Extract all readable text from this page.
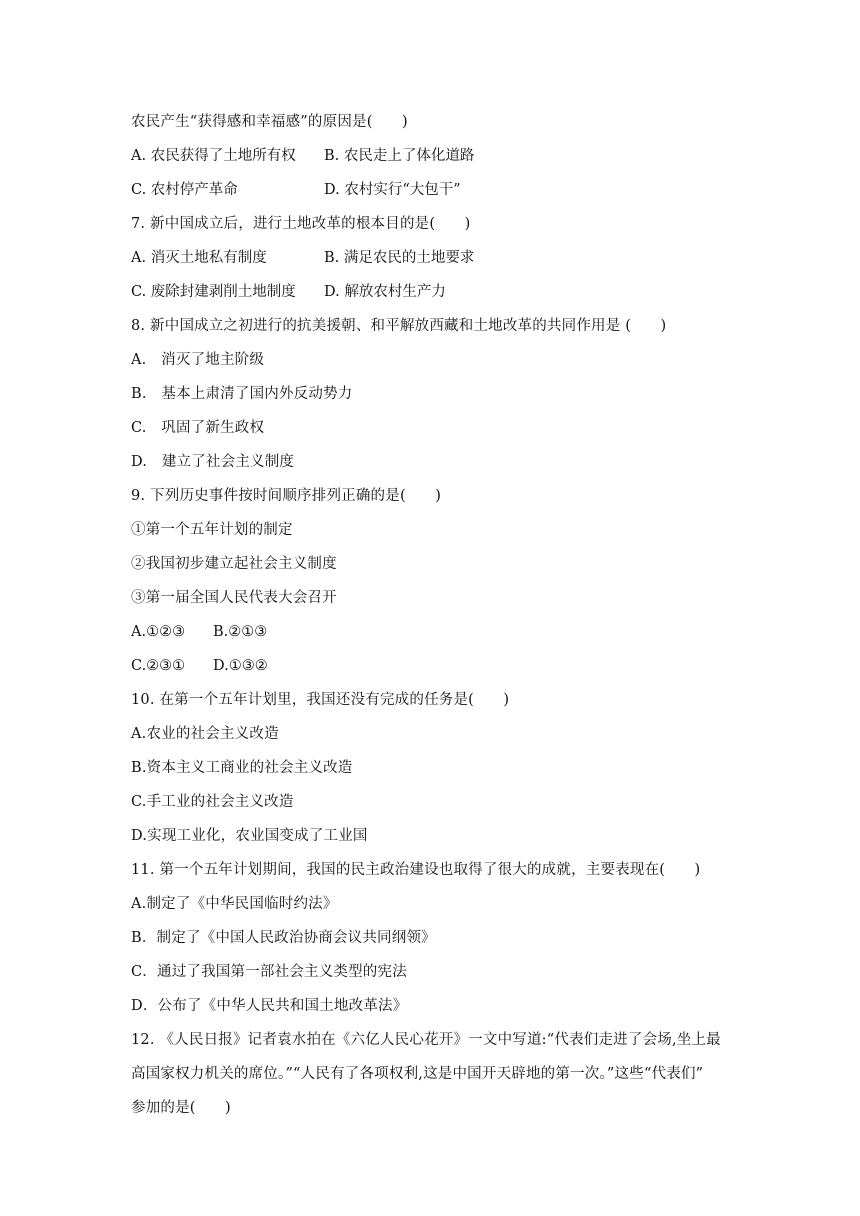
农民产生“获得感和幸福感”的原因是(　　)
A. 农民获得了土地所有权 B. 农民走上了体化道路
C. 农村停产革命	D. 农村实行“大包干”
7. 新中国成立后，进行土地改革的根本目的是(　　)
A. 消灭土地私有制度	B. 满足农民的土地要求
C. 废除封建剥削土地制度 D. 解放农村生产力
8. 新中国成立之初进行的抗美援朝、和平解放西藏和土地改革的共同作用是 (　　)
A.　消灭了地主阶级
B.　基本上肃清了国内外反动势力
C.　巩固了新生政权
D.　建立了社会主义制度
9. 下列历史事件按时间顺序排列正确的是(　　)
①第一个五年计划的制定
②我国初步建立起社会主义制度
③第一届全国人民代表大会召开
A.①②③ B.②①③
C.②③① D.①③②
10. 在第一个五年计划里，我国还没有完成的任务是(　　)
A.农业的社会主义改造
B.资本主义工商业的社会主义改造
C.手工业的社会主义改造
D.实现工业化，农业国变成了工业国
11. 第一个五年计划期间，我国的民主政治建设也取得了很大的成就，主要表现在(　　)
A.制定了《中华民国临时约法》
B．制定了《中国人民政治协商会议共同纲领》
C．通过了我国第一部社会主义类型的宪法
D．公布了《中华人民共和国土地改革法》
12. 《人民日报》记者袁水拍在《六亿人民心花开》一文中写道:“代表们走进了会场,坐上最
高国家权力机关的席位。”“人民有了各项权利,这是中国开天辟地的第一次。”这些“代表们”
参加的是(　　)
